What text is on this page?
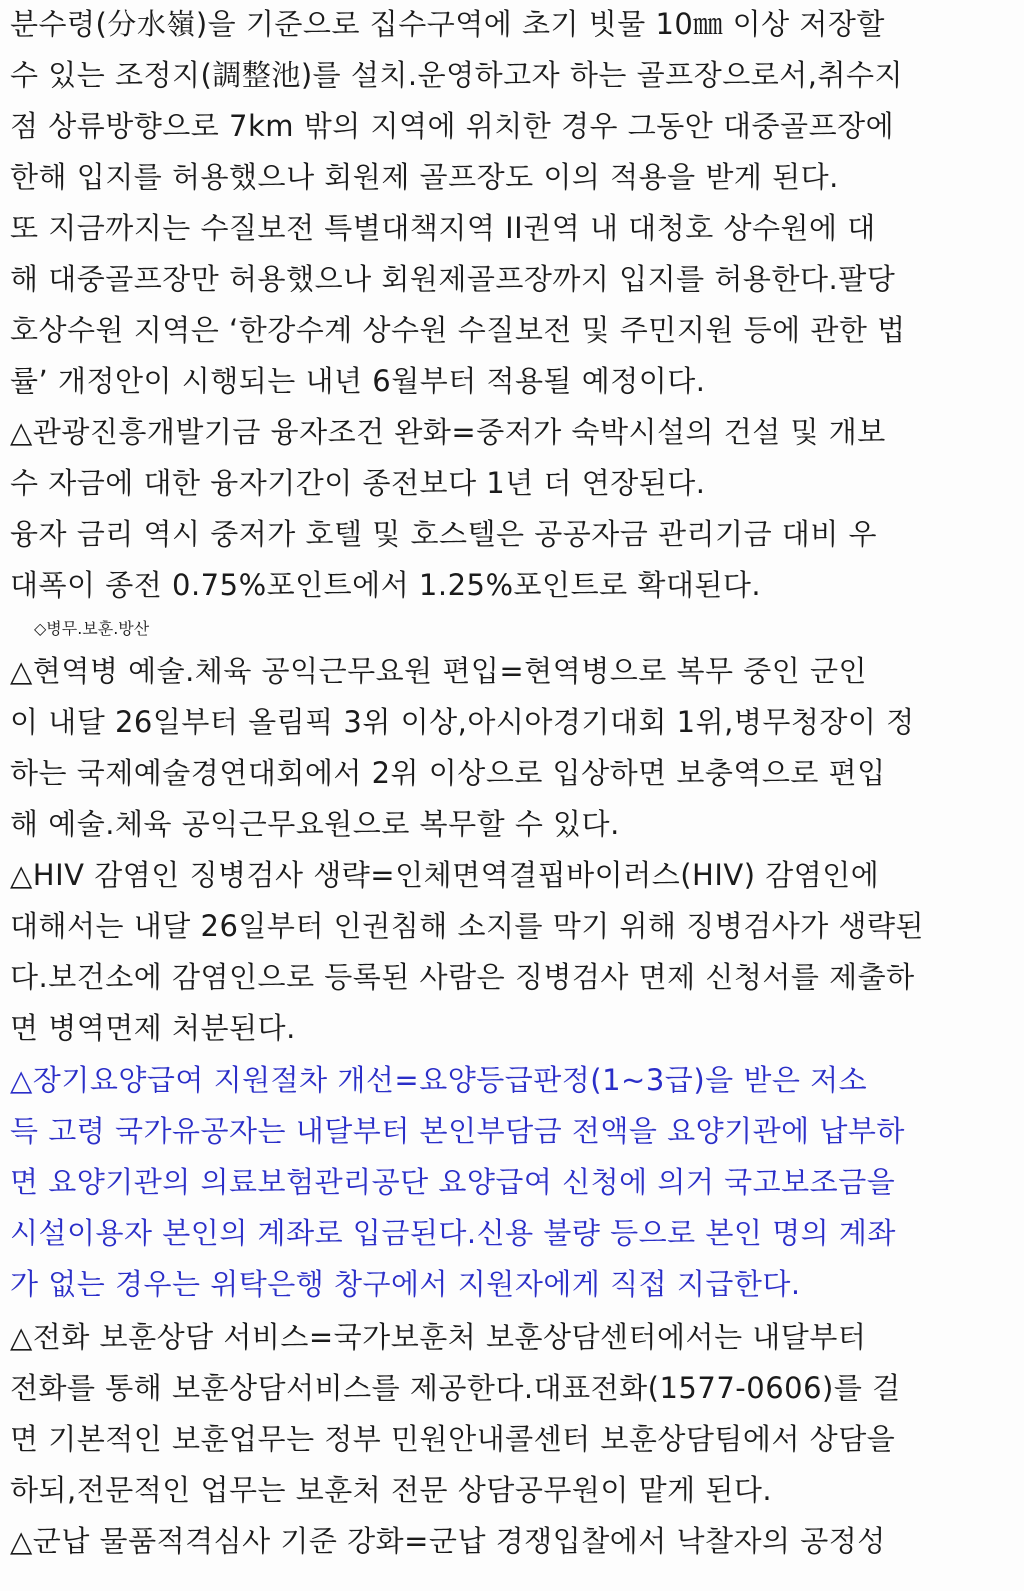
분수령(分水嶺)을 기준으로 집수구역에 초기 빗물 10㎜ 이상 저장할
수 있는 조정지(調整池)를 설치.운영하고자 하는 골프장으로서,취수지
점 상류방향으로 7km 밖의 지역에 위치한 경우 그동안 대중골프장에
한해 입지를 허용했으나 회원제 골프장도 이의 적용을 받게 된다.
또 지금까지는 수질보전 특별대책지역 II권역 내 대청호 상수원에 대
해 대중골프장만 허용했으나 회원제골프장까지 입지를 허용한다.팔당
호상수원 지역은 ‘한강수계 상수원 수질보전 및 주민지원 등에 관한 법
률’ 개정안이 시행되는 내년 6월부터 적용될 예정이다.
△관광진흥개발기금 융자조건 완화=중저가 숙박시설의 건설 및 개보
수 자금에 대한 융자기간이 종전보다 1년 더 연장된다.
융자 금리 역시 중저가 호텔 및 호스텔은 공공자금 관리기금 대비 우
대폭이 종전 0.75%포인트에서 1.25%포인트로 확대된다.
◇병무.보훈.방산
△현역병 예술.체육 공익근무요원 편입=현역병으로 복무 중인 군인
이 내달 26일부터 올림픽 3위 이상,아시아경기대회 1위,병무청장이 정
하는 국제예술경연대회에서 2위 이상으로 입상하면 보충역으로 편입
해 예술.체육 공익근무요원으로 복무할 수 있다.
△HIV 감염인 징병검사 생략=인체면역결핍바이러스(HIV) 감염인에
대해서는 내달 26일부터 인권침해 소지를 막기 위해 징병검사가 생략된
다.보건소에 감염인으로 등록된 사람은 징병검사 면제 신청서를 제출하
면 병역면제 처분된다.
△장기요양급여 지원절차 개선=요양등급판정(1~3급)을 받은 저소
득 고령 국가유공자는 내달부터 본인부담금 전액을 요양기관에 납부하
면 요양기관의 의료보험관리공단 요양급여 신청에 의거 국고보조금을
시설이용자 본인의 계좌로 입금된다.신용 불량 등으로 본인 명의 계좌
가 없는 경우는 위탁은행 창구에서 지원자에게 직접 지급한다.
△전화 보훈상담 서비스=국가보훈처 보훈상담센터에서는 내달부터
전화를 통해 보훈상담서비스를 제공한다.대표전화(1577-0606)를 걸
면 기본적인 보훈업무는 정부 민원안내콜센터 보훈상담팀에서 상담을
하되,전문적인 업무는 보훈처 전문 상담공무원이 맡게 된다.
△군납 물품적격심사 기준 강화=군납 경쟁입찰에서 낙찰자의 공정성
